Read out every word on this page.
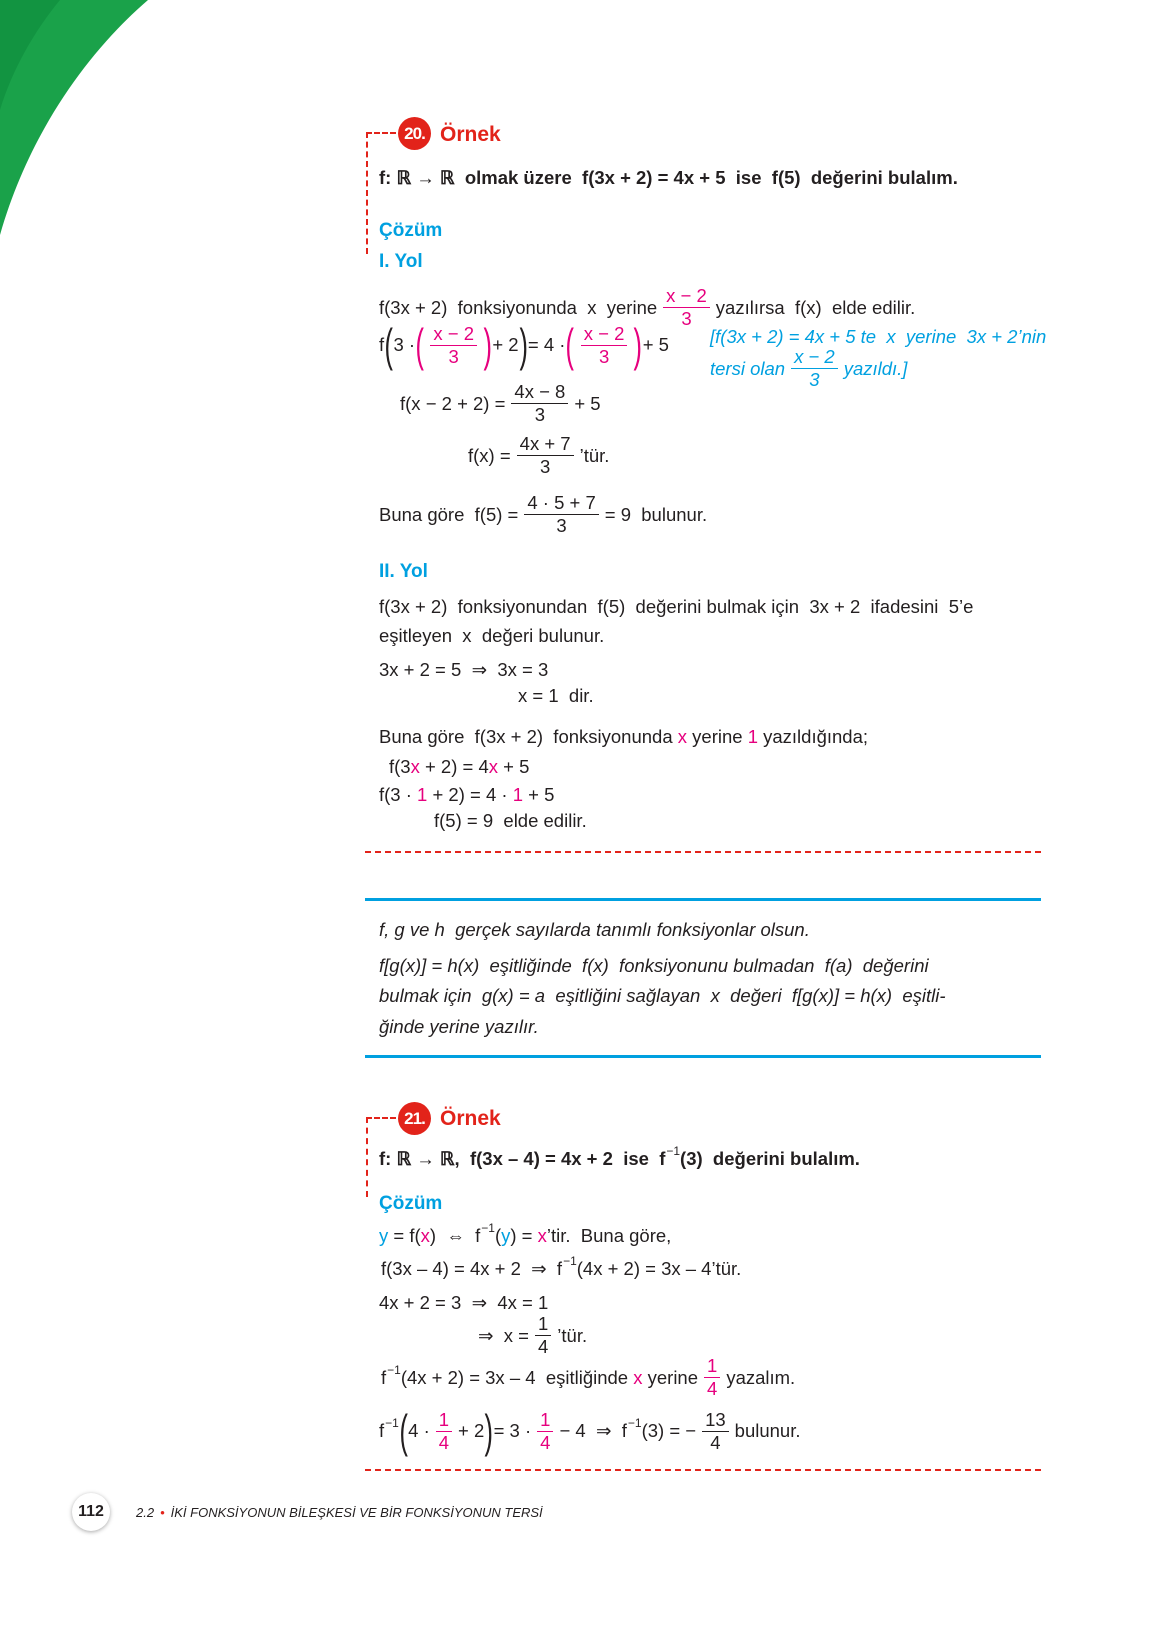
20. Örnek
f: ℝ → ℝ  olmak üzere  f(3x + 2) = 4x + 5  ise  f(5)  değerini bulalım.
Çözüm
I. Yol
II. Yol
21. Örnek
f: ℝ → ℝ,  f(3x – 4) = 4x + 2  ise  f −1 (3)  değerini bulalım.
Çözüm
112	2.2 • İKİ FONKSİYONUN BİLEŞKESİ VE BİR FONKSİYONUN TERSİ
f(3x + 2)  fonksiyonunda  x  yerine $\frac{x - 2}{3}$ yazılırsa  f(x)  elde edilir.
f ( 3 · ( $\frac{x - 2}{3}$ ) + 2 ) = 4 · ( $\frac{x - 2}{3}$ ) + 5
$f(x - 2 + 2) = \frac{4x - 8}{3} + 5$
$f(x) = \frac{4x + 7}{3}$ ’tür.
Buna göre  $f(5) = \frac{4 \cdot 5 + 7}{3} = 9$  bulunur.
[f(3x + 2) = 4x + 5 te  x  yerine  3x + 2’nin
tersi olan $\frac{x - 2}{3}$ yazıldı.]
f(3x + 2)  fonksiyonundan  f(5)  değerini bulmak için  3x + 2  ifadesini  5’e
eşitleyen  x  değeri bulunur.
3x + 2 = 5  ⇒  3x = 3
x = 1  dir.
Buna göre  f(3x + 2)  fonksiyonunda x yerine 1 yazıldığında;
f(3 x + 2) = 4 x + 5
f(3 · 1 + 2) = 4 · 1 + 5
f(5) = 9  elde edilir.
f, g ve h  gerçek sayılarda tanımlı fonksiyonlar olsun.
f[g(x)] = h(x)  eşitliğinde  f(x)  fonksiyonunu bulmadan  f(a)  değerini
bulmak için  g(x) = a  eşitliğini sağlayan  x  değeri  f[g(x)] = h(x)  eşitli-
ğinde yerine yazılır.
y = f( x )  ⇔  f −1 ( y ) = x ’tir.  Buna göre,
f(3x – 4) = 4x + 2  ⇒  f −1 (4x + 2) = 3x – 4’tür.
4x + 2 = 3  ⇒  4x = 1
⇒  $x = \frac{1}{4}$ ’tür.
f −1 (4x + 2) = 3x – 4  eşitliğinde x yerine $\frac{1}{4}$ yazalım.
f −1 ( $4 \cdot \frac{1}{4} + 2$ ) = $3 \cdot \frac{1}{4} - 4$  ⇒  f −1 (3) = − $\frac{13}{4}$ bulunur.
